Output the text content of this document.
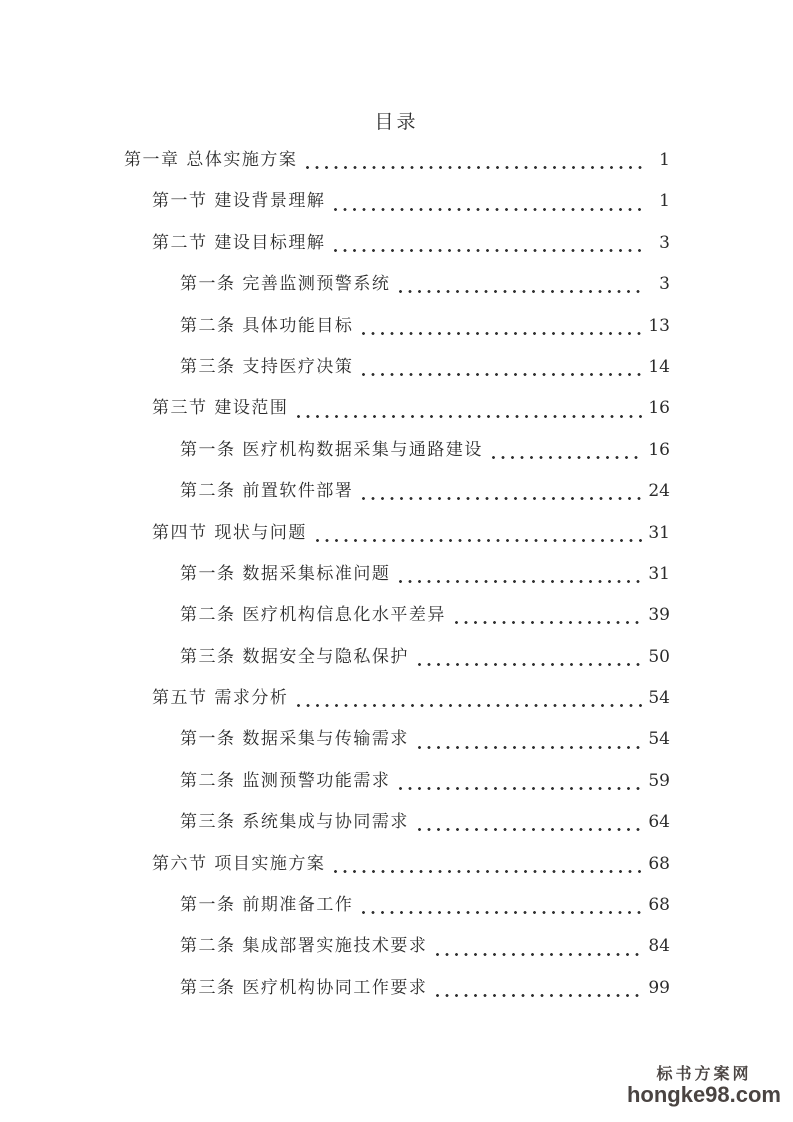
目录
第一章 总体实施方案	1
第一节 建设背景理解	1
第二节 建设目标理解	3
第一条 完善监测预警系统	3
第二条 具体功能目标	13
第三条 支持医疗决策	14
第三节 建设范围	16
第一条 医疗机构数据采集与通路建设	16
第二条 前置软件部署	24
第四节 现状与问题	31
第一条 数据采集标准问题	31
第二条 医疗机构信息化水平差异	39
第三条 数据安全与隐私保护	50
第五节 需求分析	54
第一条 数据采集与传输需求	54
第二条 监测预警功能需求	59
第三条 系统集成与协同需求	64
第六节 项目实施方案	68
第一条 前期准备工作	68
第二条 集成部署实施技术要求	84
第三条 医疗机构协同工作要求	99
标书方案网
hongke98.com
